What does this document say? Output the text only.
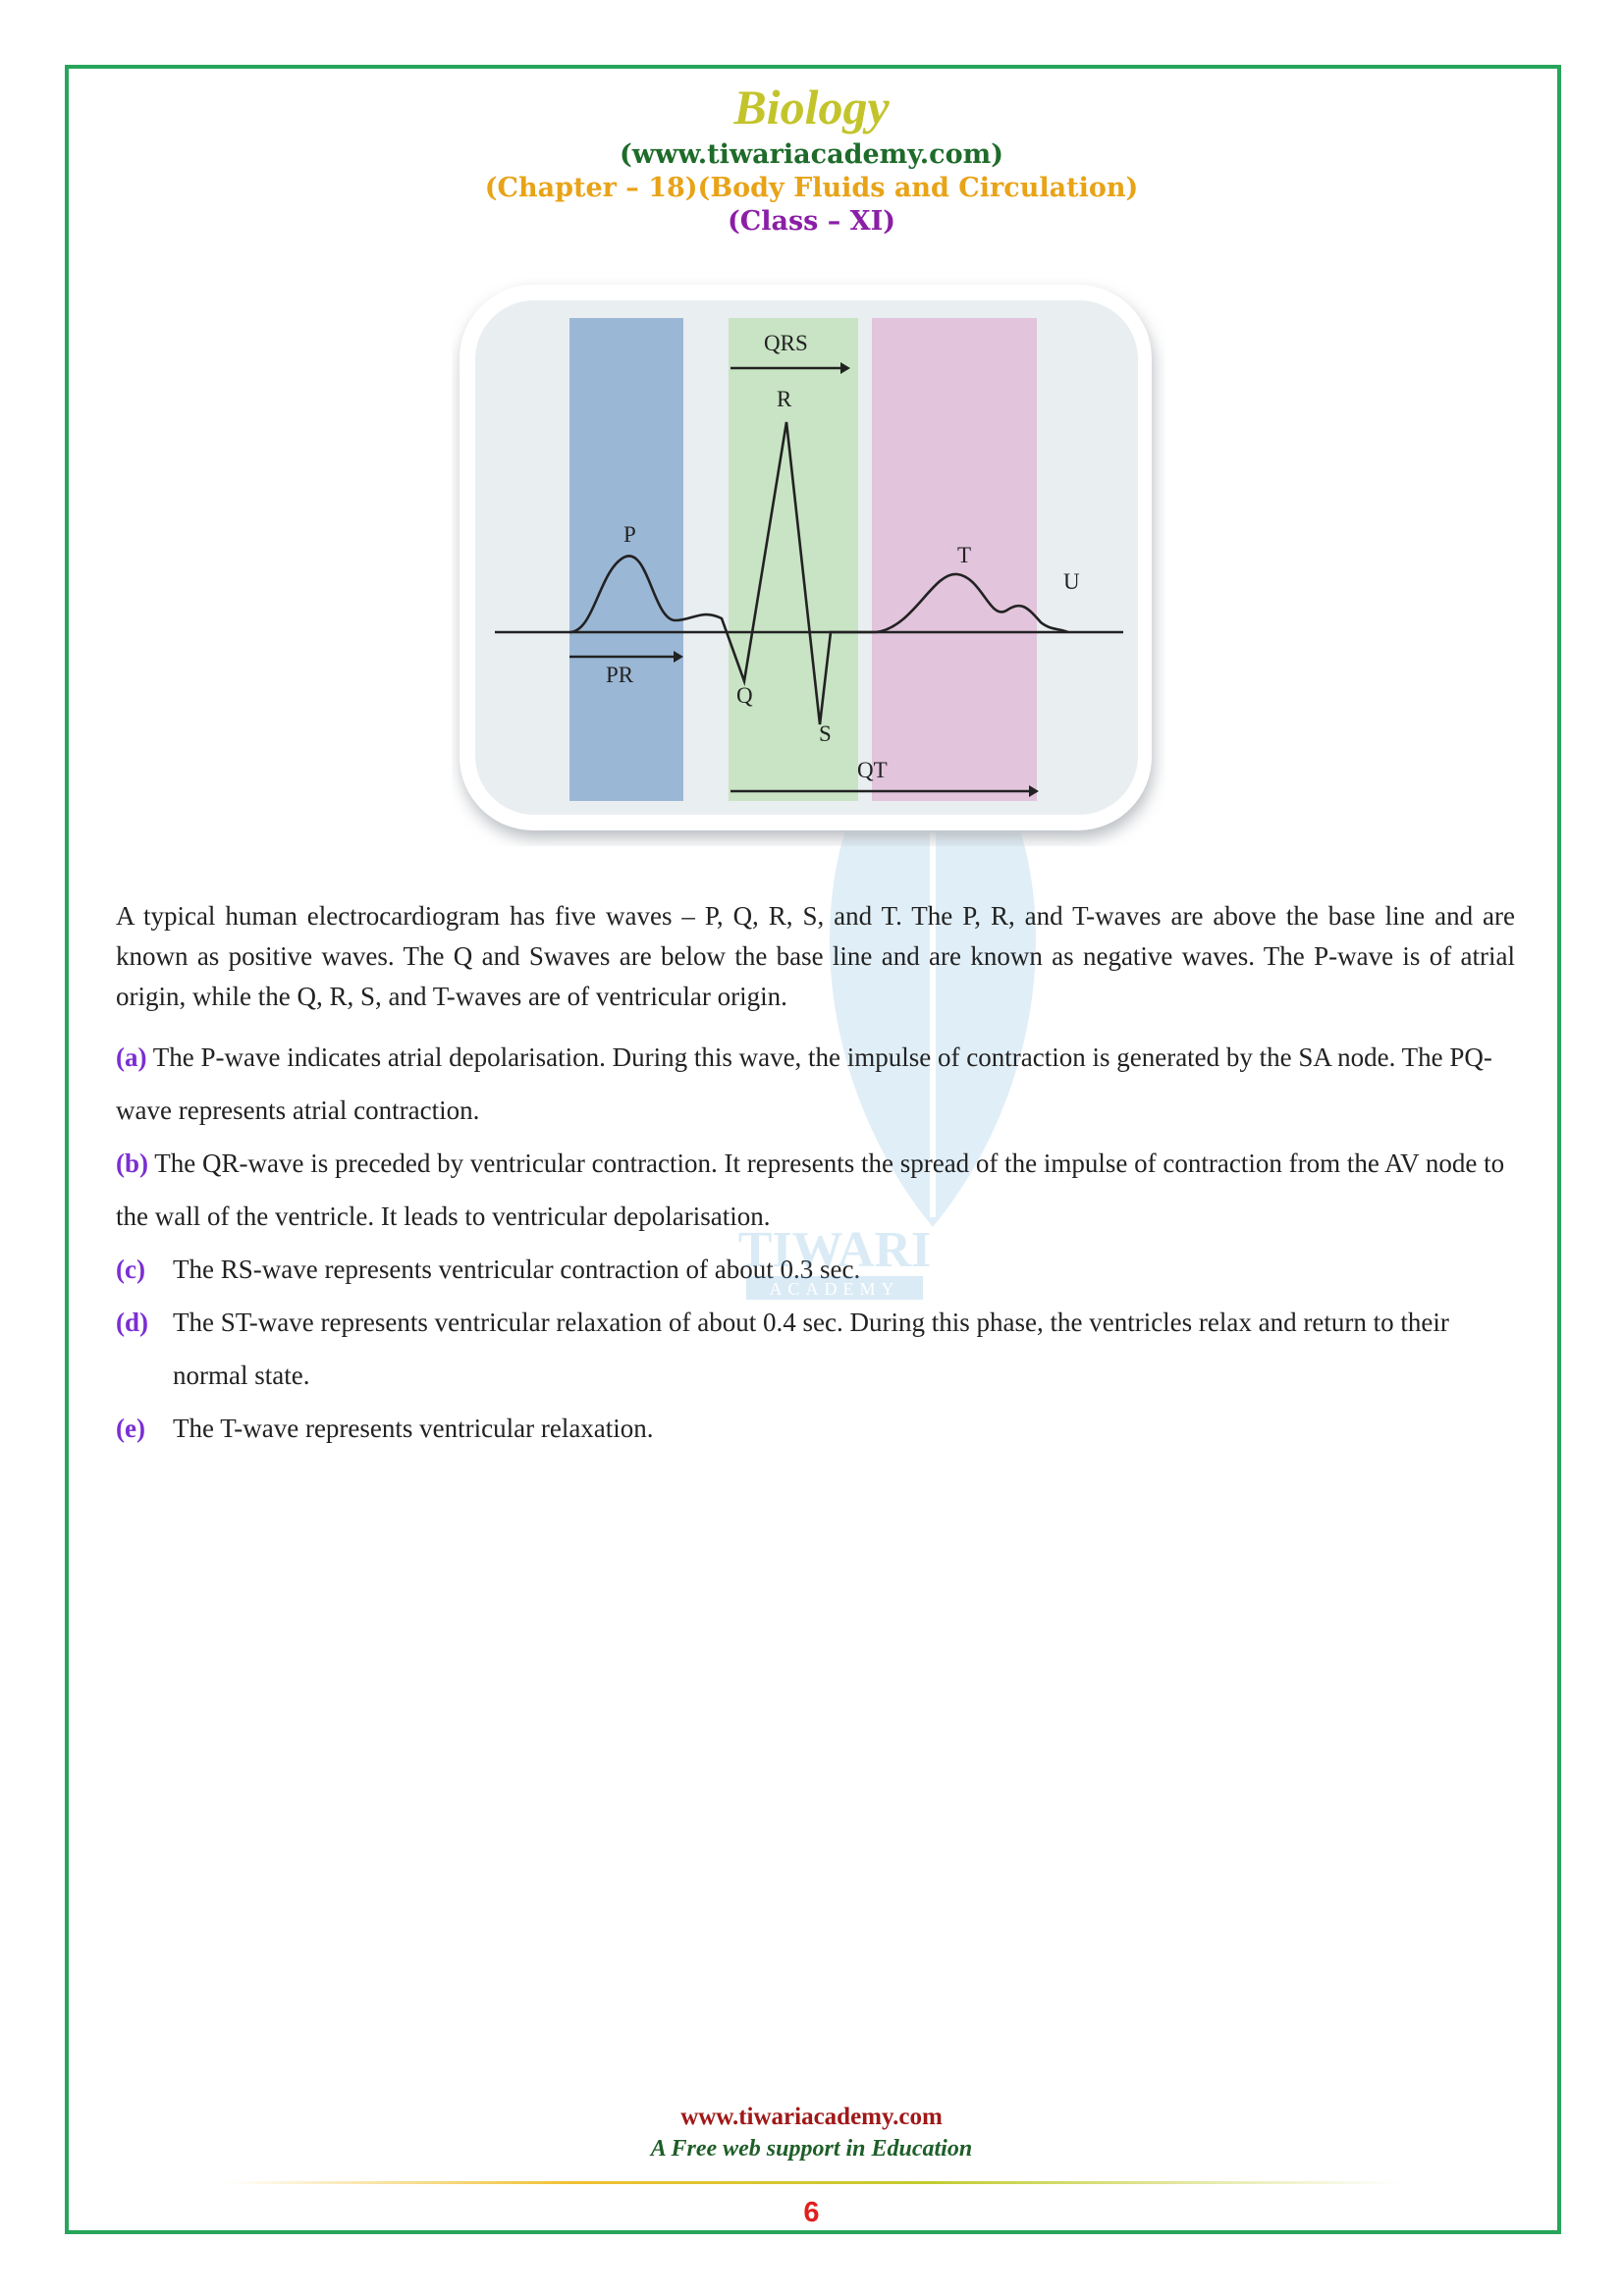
Biology
(www.tiwariacademy.com)
(Chapter – 18)(Body Fluids and Circulation)
(Class – XI)
QRS
R
P
T
U
PR
Q
S
QT
A typical human electrocardiogram has five waves – P, Q, R, S, and T. The P, R, and T-waves are above the base line and are known as positive waves. The Q and Swaves are below the base line and are known as negative waves. The P-wave is of atrial origin, while the Q, R, S, and T-waves are of ventricular origin.
(a) The P-wave indicates atrial depolarisation. During this wave, the impulse of contraction is generated by the SA node. The PQ-wave represents atrial contraction.
(b) The QR-wave is preceded by ventricular contraction. It represents the spread of the impulse of contraction from the AV node to the wall of the ventricle. It leads to ventricular depolarisation.
(c) The RS-wave represents ventricular contraction of about 0.3 sec.
(d) The ST-wave represents ventricular relaxation of about 0.4 sec. During this phase, the ventricles relax and return to their normal state.
(e) The T-wave represents ventricular relaxation.
TIWARI
ACADEMY
www.tiwariacademy.com
A Free web support in Education
6
